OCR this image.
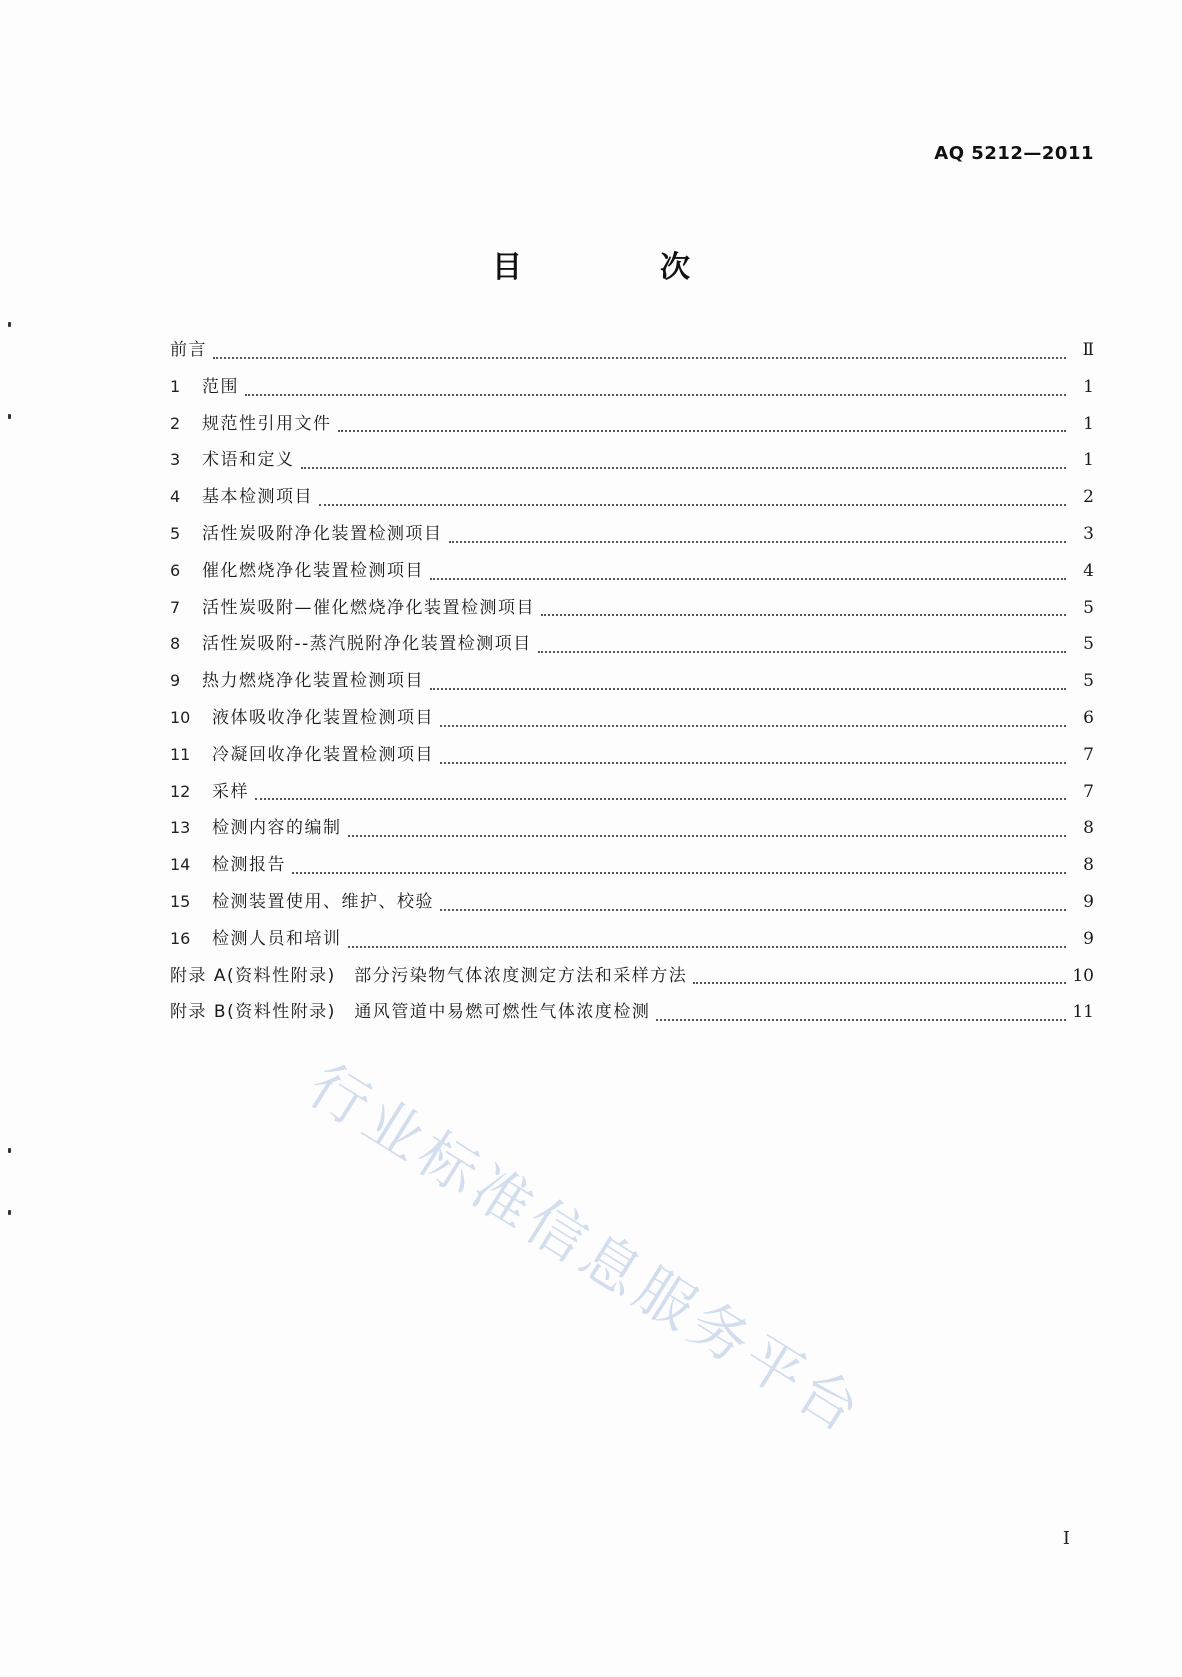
AQ 5212—2011
目　次
前言	Ⅱ
1	范围	1
2	规范性引用文件	1
3	术语和定义	1
4	基本检测项目	2
5	活性炭吸附净化装置检测项目	3
6	催化燃烧净化装置检测项目	4
7	活性炭吸附—催化燃烧净化装置检测项目	5
8	活性炭吸附--蒸汽脱附净化装置检测项目	5
9	热力燃烧净化装置检测项目	5
10	液体吸收净化装置检测项目	6
11	冷凝回收净化装置检测项目	7
12	采样	7
13	检测内容的编制	8
14	检测报告	8
15	检测装置使用、维护、校验	9
16	检测人员和培训	9
附录 A(资料性附录)　部分污染物气体浓度测定方法和采样方法	10
附录 B(资料性附录)　通风管道中易燃可燃性气体浓度检测	11
行业标准信息服务平台
I
